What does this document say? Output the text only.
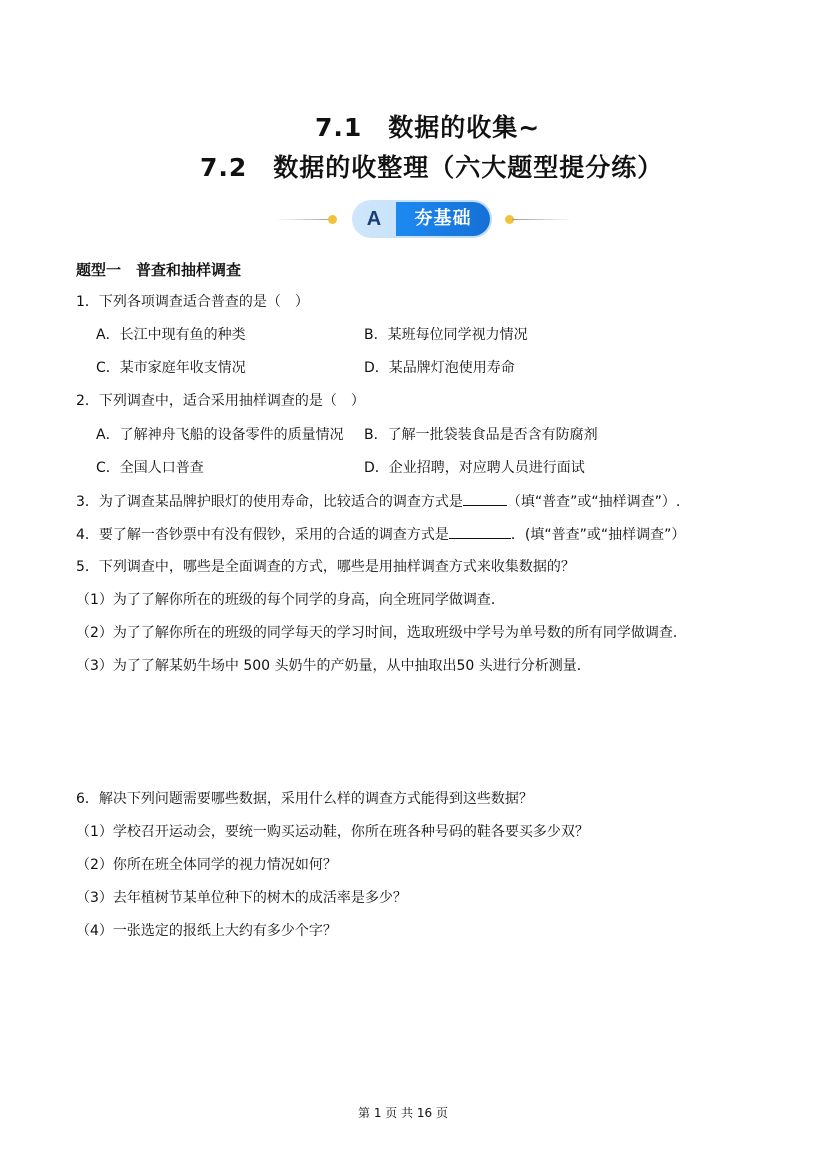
7.1　数据的收集~
7.2　数据的收整理（六大题型提分练）
A	夯基础
题型一　普查和抽样调查
1．下列各项调查适合普查的是（　）
A．长江中现有鱼的种类	B．某班每位同学视力情况
C．某市家庭年收支情况	D．某品牌灯泡使用寿命
2．下列调查中，适合采用抽样调查的是（　）
A．了解神舟飞船的设备零件的质量情况 B．了解一批袋装食品是否含有防腐剂
C．全国人口普查	D．企业招聘，对应聘人员进行面试
3．为了调查某品牌护眼灯的使用寿命，比较适合的调查方式是	（填“普查”或“抽样调查”）.
4．要了解一沓钞票中有没有假钞，采用的合适的调查方式是	．(填“普查”或“抽样调查”）
5．下列调查中，哪些是全面调查的方式，哪些是用抽样调查方式来收集数据的？
（1）为了了解你所在的班级的每个同学的身高，向全班同学做调查．
（2）为了了解你所在的班级的同学每天的学习时间，选取班级中学号为单号数的所有同学做调查．
（3）为了了解某奶牛场中 500 头奶牛的产奶量，从中抽取出50 头进行分析测量．
6．解决下列问题需要哪些数据，采用什么样的调查方式能得到这些数据？
（1）学校召开运动会，要统一购买运动鞋，你所在班各种号码的鞋各要买多少双？
（2）你所在班全体同学的视力情况如何？
（3）去年植树节某单位种下的树木的成活率是多少？
（4）一张选定的报纸上大约有多少个字？
第 1 页 共 16 页
